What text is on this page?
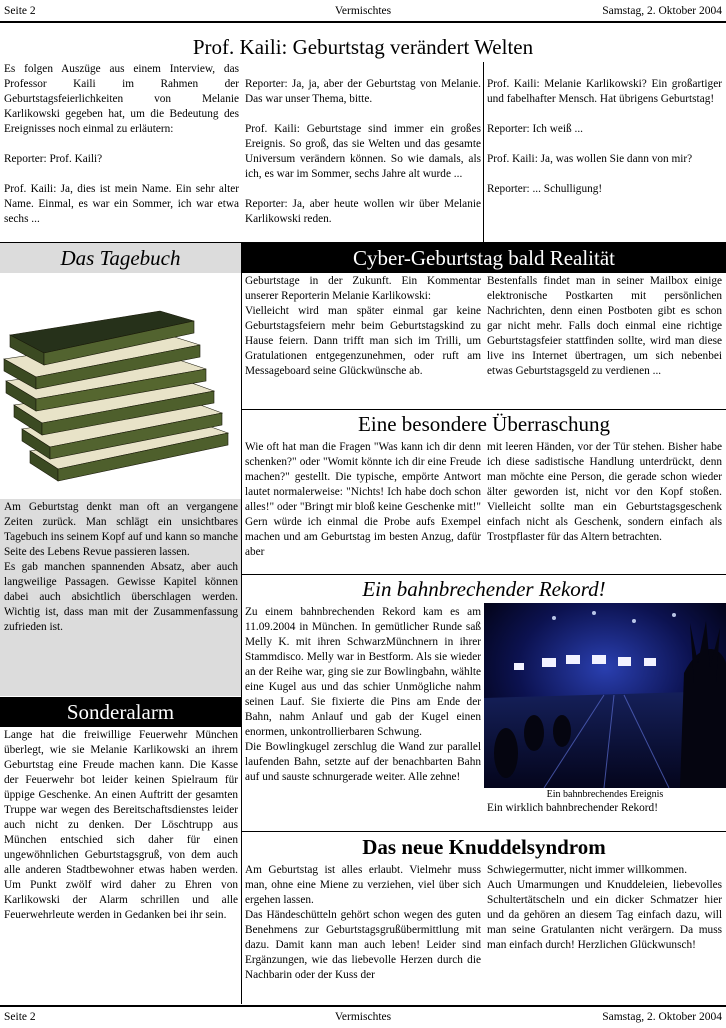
Seite 2	Vermischtes	Samstag, 2. Oktober 2004
Prof. Kaili: Geburtstag verändert Welten

Es folgen Auszüge aus einem Interview, das Professor Kaili im Rahmen der Geburtstagsfeierlichkeiten von Melanie Karlikowski gegeben hat, um die Bedeutung des Ereignisses noch einmal zu erläutern:

Reporter: Prof. Kaili?

Prof. Kaili: Ja, dies ist mein Name. Ein sehr alter Name. Einmal, es war ein Sommer, ich war etwa sechs ...

Reporter: Ja, ja, aber der Geburtstag von Melanie. Das war unser Thema, bitte.

Prof. Kaili: Geburtstage sind immer ein großes Ereignis. So groß, das sie Welten und das gesamte Universum verändern können. So wie damals, als ich, es war im Sommer, sechs Jahre alt wurde ...

Reporter: Ja, aber heute wollen wir über Melanie Karlikowski reden.

Prof. Kaili: Melanie Karlikowski? Ein großartiger und fabelhafter Mensch. Hat übrigens Geburtstag!

Reporter: Ich weiß ...

Prof. Kaili: Ja, was wollen Sie dann von mir?

Reporter: ... Schulligung!

Das Tagebuch

Am Geburtstag denkt man oft an vergangene Zeiten zurück. Man schlägt ein unsichtbares Tagebuch ins seinem Kopf auf und kann so manche Seite des Lebens Revue passieren lassen.

Es gab manchen spannenden Absatz, aber auch langweilige Passagen. Gewisse Kapitel können dabei auch absichtlich überschlagen werden. Wichtig ist, dass man mit der Zusammenfassung zufrieden ist.

Sonderalarm

Lange hat die freiwillige Feuerwehr München überlegt, wie sie Melanie Karlikowski an ihrem Geburtstag eine Freude machen kann. Die Kasse der Feuerwehr bot leider keinen Spielraum für üppige Geschenke. An einen Auftritt der gesamten Truppe war wegen des Bereitschaftsdienstes leider auch nicht zu denken. Der Löschtrupp aus München entschied sich daher für einen ungewöhnlichen Geburtstagsgruß, von dem auch alle anderen Stadtbewohner etwas haben werden. Um Punkt zwölf wird daher zu Ehren von Karlikowski der Alarm schrillen und alle Feuerwehrleute werden in Gedanken bei ihr sein.

Cyber-Geburtstag bald Realität

Geburtstage in der Zukunft. Ein Kommentar unserer Reporterin Melanie Karlikowski:

Vielleicht wird man später einmal gar keine Geburtstagsfeiern mehr beim Geburtstagskind zu Hause feiern. Dann trifft man sich im Trilli, um Gratulationen entgegenzunehmen, oder ruft am Messageboard seine Glückwünsche ab.

Bestenfalls findet man in seiner Mailbox einige elektronische Postkarten mit persönlichen Nachrichten, denn einen Postboten gibt es schon gar nicht mehr. Falls doch einmal eine richtige Geburtstagsfeier stattfinden sollte, wird man diese live ins Internet übertragen, um sich nebenbei etwas Geburtstagsgeld zu verdienen ...

Eine besondere Überraschung

Wie oft hat man die Fragen "Was kann ich dir denn schenken?" oder "Womit könnte ich dir eine Freude machen?" gestellt. Die typische, empörte Antwort lautet normalerweise: "Nichts! Ich habe doch schon alles!" oder "Bringt mir bloß keine Geschenke mit!" Gern würde ich einmal die Probe aufs Exempel machen und am Geburtstag im besten Anzug, dafür aber

mit leeren Händen, vor der Tür stehen. Bisher habe ich diese sadistische Handlung unterdrückt, denn man möchte eine Person, die gerade schon wieder älter geworden ist, nicht vor den Kopf stoßen. Vielleicht sollte man ein Geburtstagsgeschenk einfach nicht als Geschenk, sondern einfach als Trostpflaster für das Altern betrachten.

Ein bahnbrechender Rekord!

Zu einem bahnbrechenden Rekord kam es am 11.09.2004 in München. In gemütlicher Runde saß Melly K. mit ihren SchwarzMünchnern in ihrer Stammdisco. Melly war in Bestform. Als sie wieder an der Reihe war, ging sie zur Bowlingbahn, wählte eine Kugel aus und das schier Unmögliche nahm seinen Lauf. Sie fixierte die Pins am Ende der Bahn, nahm Anlauf und gab der Kugel einen enormen, unkontrollierbaren Schwung.

Die Bowlingkugel zerschlug die Wand zur parallel laufenden Bahn, setzte auf der benachbarten Bahn auf und sauste schnurgerade weiter. Alle zehne!

Ein bahnbrechendes Ereignis

Ein wirklich bahnbrechender Rekord!

Das neue Knuddelsyndrom

Am Geburtstag ist alles erlaubt. Vielmehr muss man, ohne eine Miene zu verziehen, viel über sich ergehen lassen.

Das Händeschütteln gehört schon wegen des guten Benehmens zur Geburtstagsgrußübermittlung mit dazu. Damit kann man auch leben! Leider sind Ergänzungen, wie das liebevolle Herzen durch die Nachbarin oder der Kuss der

Schwiegermutter, nicht immer willkommen.

Auch Umarmungen und Knuddeleien, liebevolles Schultertätscheln und ein dicker Schmatzer hier und da gehören an diesem Tag einfach dazu, will man seine Gratulanten nicht verärgern. Da muss man einfach durch! Herzlichen Glückwunsch!

Seite 2	Vermischtes	Samstag, 2. Oktober 2004
